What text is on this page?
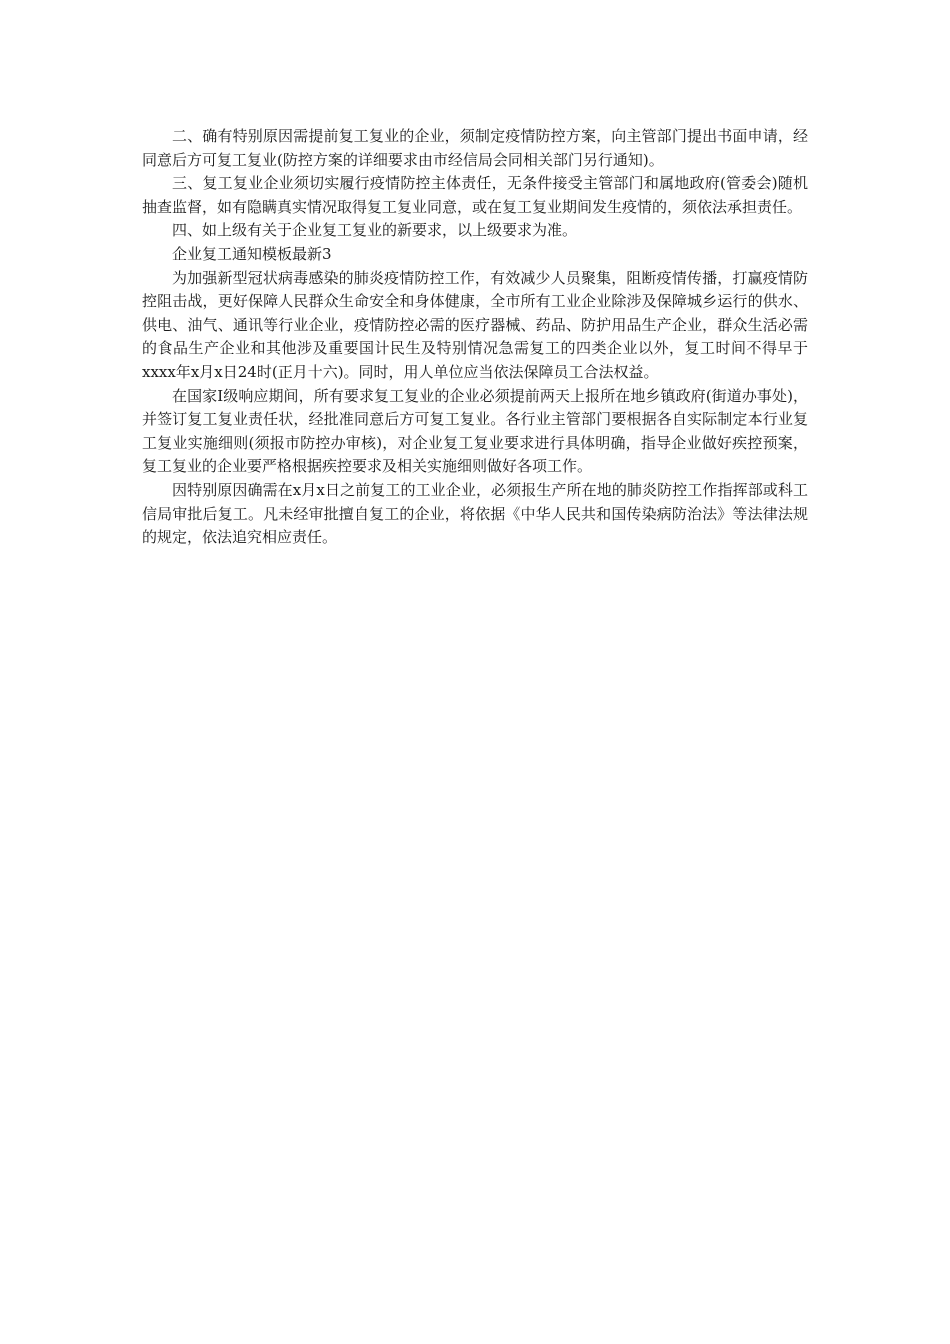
二、确有特别原因需提前复工复业的企业，须制定疫情防控方案，向主管部门提出书面申请，经同意后方可复工复业(防控方案的详细要求由市经信局会同相关部门另行通知)。

三、复工复业企业须切实履行疫情防控主体责任，无条件接受主管部门和属地政府(管委会)随机抽查监督，如有隐瞒真实情况取得复工复业同意，或在复工复业期间发生疫情的，须依法承担责任。

四、如上级有关于企业复工复业的新要求，以上级要求为准。

企业复工通知模板最新3

为加强新型冠状病毒感染的肺炎疫情防控工作，有效减少人员聚集，阻断疫情传播，打赢疫情防控阻击战，更好保障人民群众生命安全和身体健康，全市所有工业企业除涉及保障城乡运行的供水、供电、油气、通讯等行业企业，疫情防控必需的医疗器械、药品、防护用品生产企业，群众生活必需的食品生产企业和其他涉及重要国计民生及特别情况急需复工的四类企业以外，复工时间不得早于xxxx年x月x日24时(正月十六)。同时，用人单位应当依法保障员工合法权益。

在国家Ⅰ级响应期间，所有要求复工复业的企业必须提前两天上报所在地乡镇政府(街道办事处)，并签订复工复业责任状，经批准同意后方可复工复业。各行业主管部门要根据各自实际制定本行业复工复业实施细则(须报市防控办审核)，对企业复工复业要求进行具体明确，指导企业做好疾控预案，复工复业的企业要严格根据疾控要求及相关实施细则做好各项工作。

因特别原因确需在x月x日之前复工的工业企业，必须报生产所在地的肺炎防控工作指挥部或科工信局审批后复工。凡未经审批擅自复工的企业，将依据《中华人民共和国传染病防治法》等法律法规的规定，依法追究相应责任。
